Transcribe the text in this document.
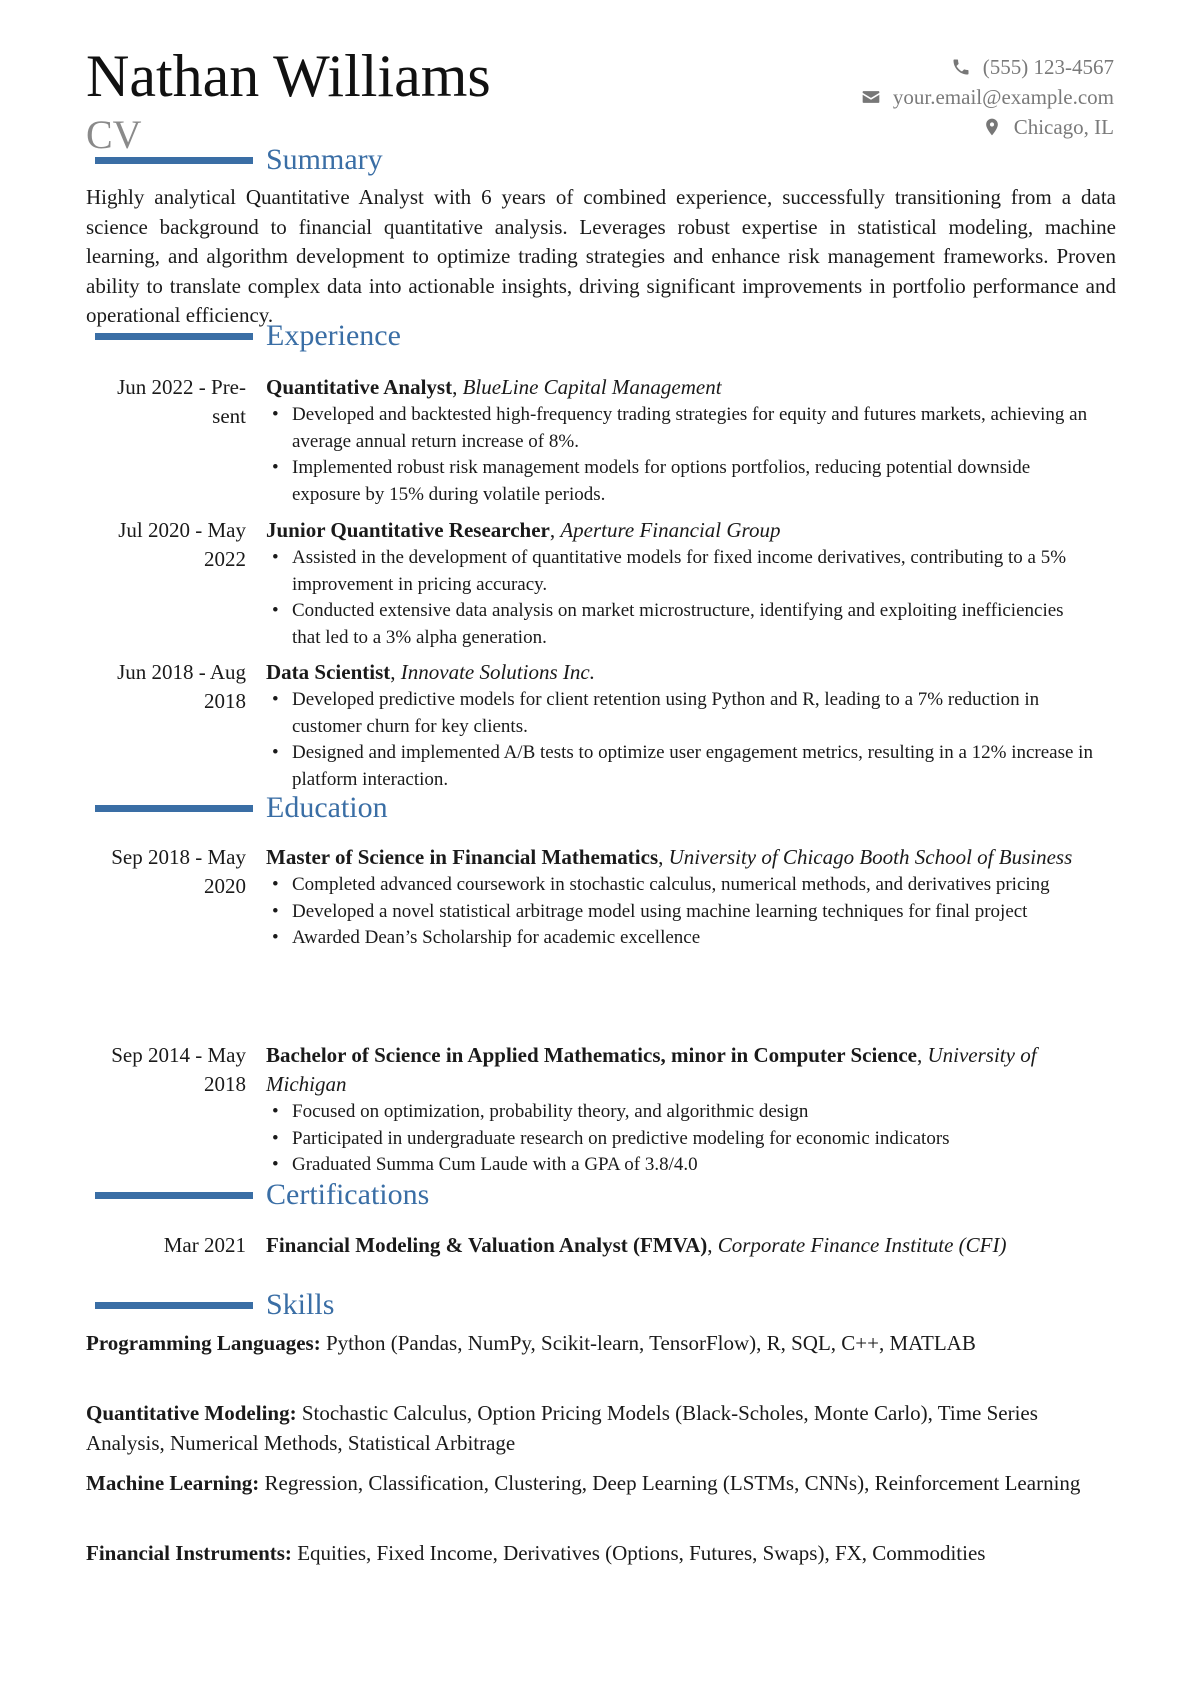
Nathan Williams
CV
(555) 123-4567
your.email@example.com
Chicago, IL
Summary
Highly analytical Quantitative Analyst with 6 years of combined experience, successfully transitioning from a data science background to financial quantitative analysis. Leverages robust expertise in statistical modeling, machine learning, and algorithm development to optimize trading strategies and enhance risk management frameworks. Proven ability to translate complex data into actionable insights, driving significant improvements in portfolio performance and operational efficiency.
Experience
Jun 2022 - Pre-
sent
Quantitative Analyst, BlueLine Capital Management
• Developed and backtested high-frequency trading strategies for equity and futures markets, achieving an average annual return increase of 8%.
• Implemented robust risk management models for options portfolios, reducing potential downside exposure by 15% during volatile periods.
Jul 2020 - May
2022
Junior Quantitative Researcher, Aperture Financial Group
• Assisted in the development of quantitative models for fixed income derivatives, contributing to a 5% improvement in pricing accuracy.
• Conducted extensive data analysis on market microstructure, identifying and exploiting inefficiencies that led to a 3% alpha generation.
Jun 2018 - Aug
2018
Data Scientist, Innovate Solutions Inc.
• Developed predictive models for client retention using Python and R, leading to a 7% reduction in customer churn for key clients.
• Designed and implemented A/B tests to optimize user engagement metrics, resulting in a 12% increase in platform interaction.
Education
Sep 2018 - May
2020
Master of Science in Financial Mathematics, University of Chicago Booth School of Business
• Completed advanced coursework in stochastic calculus, numerical methods, and derivatives pricing
• Developed a novel statistical arbitrage model using machine learning techniques for final project
• Awarded Dean’s Scholarship for academic excellence
Sep 2014 - May
2018
Bachelor of Science in Applied Mathematics, minor in Computer Science, University of Michigan
• Focused on optimization, probability theory, and algorithmic design
• Participated in undergraduate research on predictive modeling for economic indicators
• Graduated Summa Cum Laude with a GPA of 3.8/4.0
Certifications
Mar 2021 Financial Modeling & Valuation Analyst (FMVA), Corporate Finance Institute (CFI)
Skills
Programming Languages: Python (Pandas, NumPy, Scikit-learn, TensorFlow), R, SQL, C++, MATLAB
Quantitative Modeling: Stochastic Calculus, Option Pricing Models (Black-Scholes, Monte Carlo), Time Series Analysis, Numerical Methods, Statistical Arbitrage
Machine Learning: Regression, Classification, Clustering, Deep Learning (LSTMs, CNNs), Reinforcement Learning
Financial Instruments: Equities, Fixed Income, Derivatives (Options, Futures, Swaps), FX, Commodities
